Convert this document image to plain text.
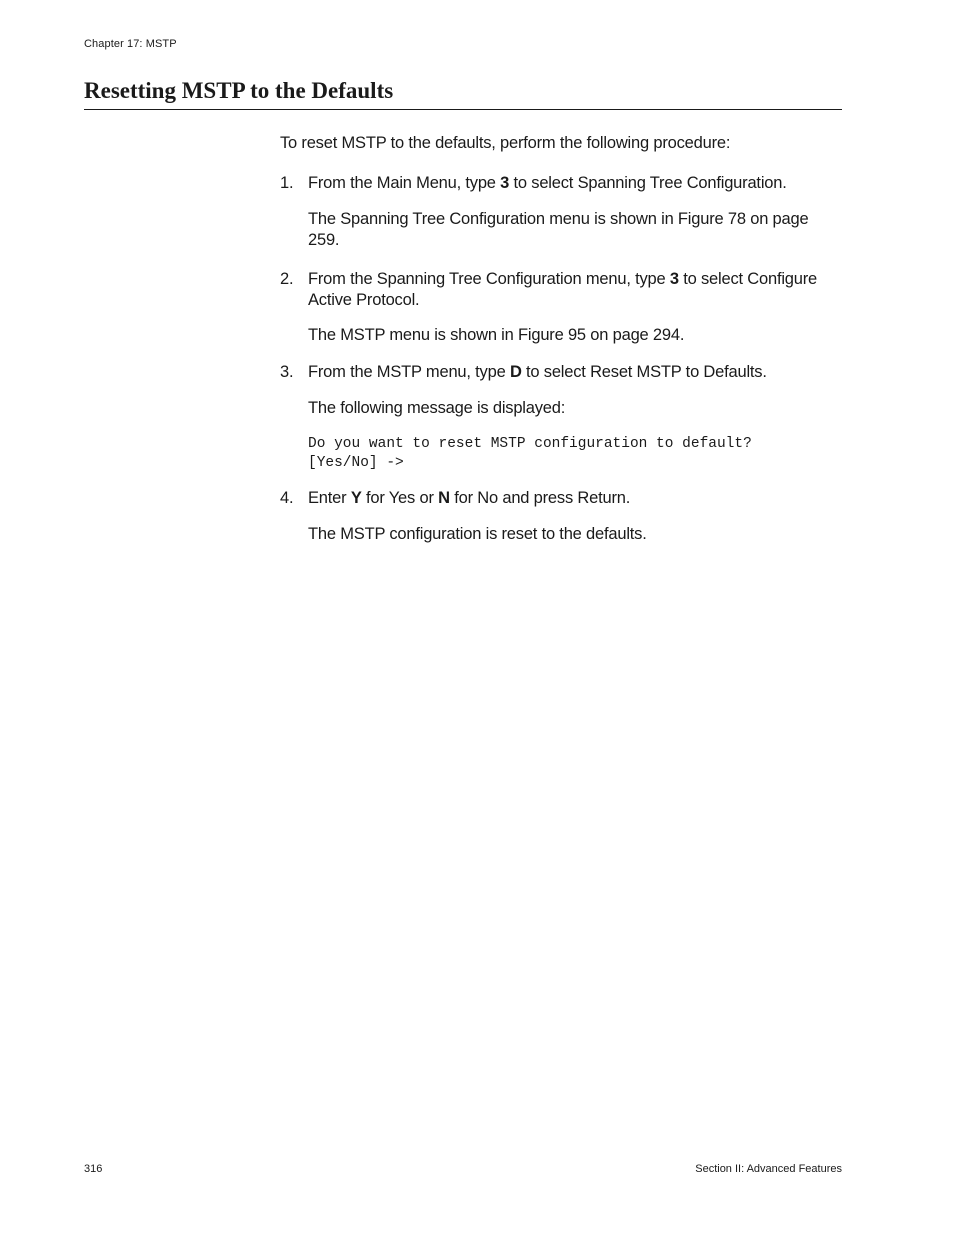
Chapter 17: MSTP
Resetting MSTP to the Defaults
To reset MSTP to the defaults, perform the following procedure:
1. From the Main Menu, type 3 to select Spanning Tree Configuration.
The Spanning Tree Configuration menu is shown in Figure 78 on page 259.
2. From the Spanning Tree Configuration menu, type 3 to select Configure Active Protocol.
The MSTP menu is shown in Figure 95 on page 294.
3. From the MSTP menu, type D to select Reset MSTP to Defaults.
The following message is displayed:
Do you want to reset MSTP configuration to default?
[Yes/No] ->
4. Enter Y for Yes or N for No and press Return.
The MSTP configuration is reset to the defaults.
316	Section II: Advanced Features
